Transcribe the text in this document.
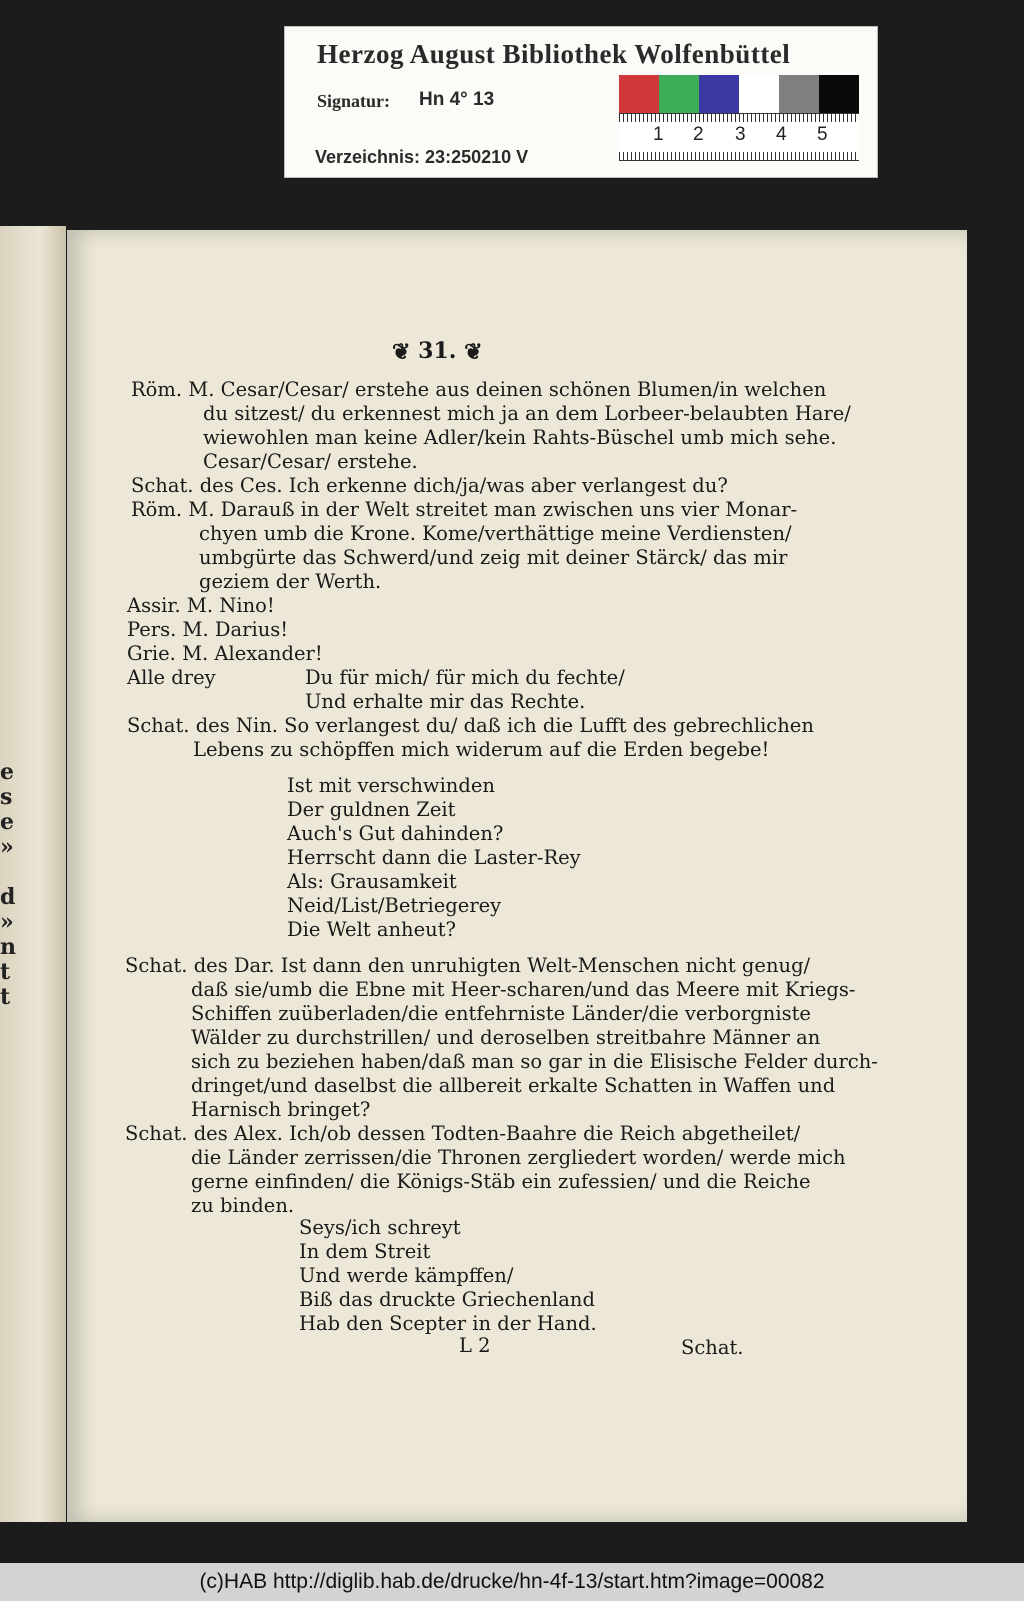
Herzog August Bibliothek Wolfenbüttel
Signatur: Hn 4° 13
Verzeichnis: 23:250210 V
1 2 3 4 5
e
s
e
»

d
»
n
t
t
❦ 31. ❦
Röm. M. Cesar/Cesar/ erstehe aus deinen schönen Blumen/in welchen
du sitzest/ du erkennest mich ja an dem Lorbeer-belaubten Hare/
wiewohlen man keine Adler/kein Rahts-Büschel umb mich sehe.
Cesar/Cesar/ erstehe.
Schat. des Ces. Ich erkenne dich/ja/was aber verlangest du?
Röm. M. Darauß in der Welt streitet man zwischen uns vier Monar-
chyen umb die Krone. Kome/verthättige meine Verdiensten/
umbgürte das Schwerd/und zeig mit deiner Stärck/ das mir
geziem der Werth.
Assir. M. Nino!
Pers. M. Darius!
Grie. M. Alexander!
Alle drey	Du für mich/ für mich du fechte/
Und erhalte mir das Rechte.
Schat. des Nin. So verlangest du/ daß ich die Lufft des gebrechlichen
Lebens zu schöpffen mich widerum auf die Erden begebe!
Ist mit verschwinden
Der guldnen Zeit
Auch's Gut dahinden?
Herrscht dann die Laster-Rey
Als: Grausamkeit
Neid/List/Betriegerey
Die Welt anheut?
Schat. des Dar. Ist dann den unruhigten Welt-Menschen nicht genug/
daß sie/umb die Ebne mit Heer-scharen/und das Meere mit Kriegs-
Schiffen zuüberladen/die entfehrniste Länder/die verborgniste
Wälder zu durchstrillen/ und deroselben streitbahre Männer an
sich zu beziehen haben/daß man so gar in die Elisische Felder durch-
dringet/und daselbst die allbereit erkalte Schatten in Waffen und
Harnisch bringet?
Schat. des Alex. Ich/ob dessen Todten-Baahre die Reich abgetheilet/
die Länder zerrissen/die Thronen zergliedert worden/ werde mich
gerne einfinden/ die Königs-Stäb ein zufessien/ und die Reiche
zu binden.
Seys/ich schreyt
In dem Streit
Und werde kämpffen/
Biß das druckte Griechenland
Hab den Scepter in der Hand.
L 2	Schat.
(c)HAB http://diglib.hab.de/drucke/hn-4f-13/start.htm?image=00082
